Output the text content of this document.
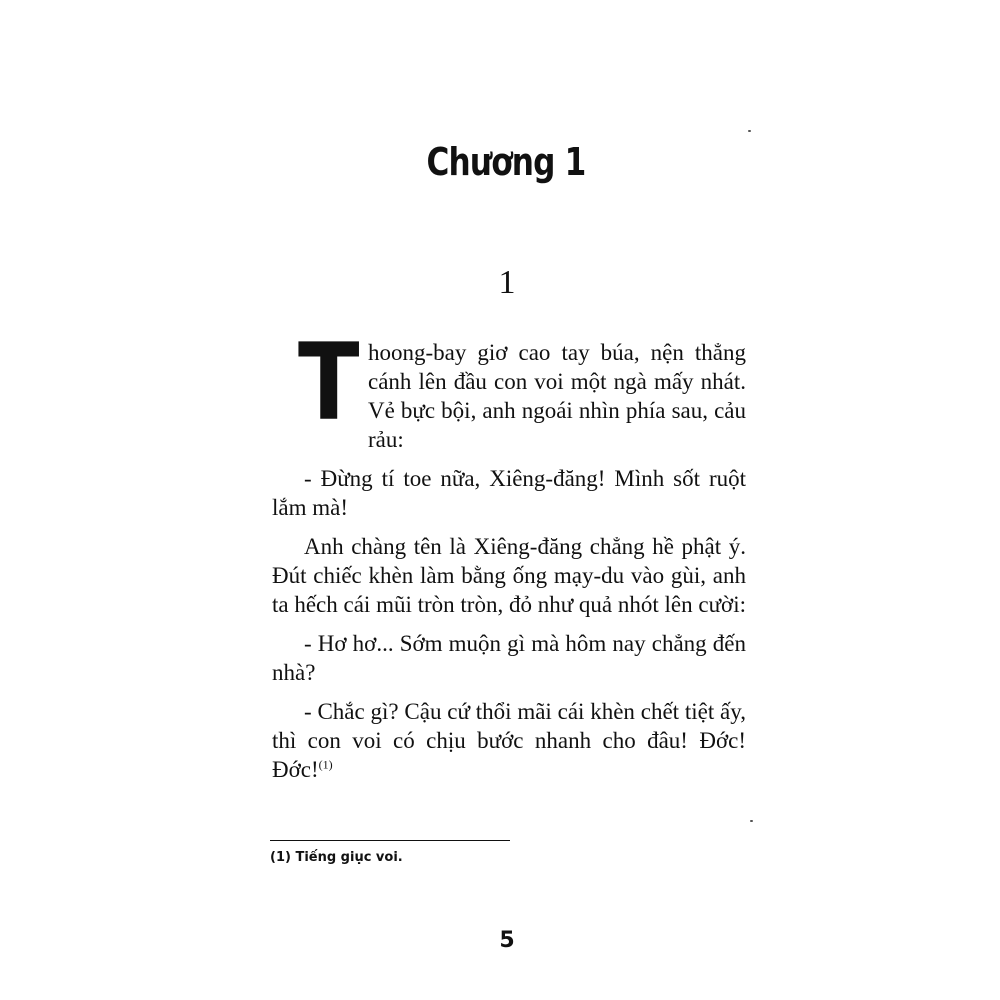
Chương 1
1

Thoong-bay giơ cao tay búa, nện thẳng cánh lên đầu con voi một ngà mấy nhát. Vẻ bực bội, anh ngoái nhìn phía sau, cảu rảu:

- Đừng tí toe nữa, Xiêng-đăng! Mình sốt ruột lắm mà!

Anh chàng tên là Xiêng-đăng chẳng hề phật ý. Đút chiếc khèn làm bằng ống mạy-du vào gùi, anh ta hếch cái mũi tròn tròn, đỏ như quả nhót lên cười:

- Hơ hơ... Sớm muộn gì mà hôm nay chẳng đến nhà?

- Chắc gì? Cậu cứ thổi mãi cái khèn chết tiệt ấy, thì con voi có chịu bước nhanh cho đâu! Đớc! Đớc!$^{(1)}$

(1) Tiếng giục voi.
5
